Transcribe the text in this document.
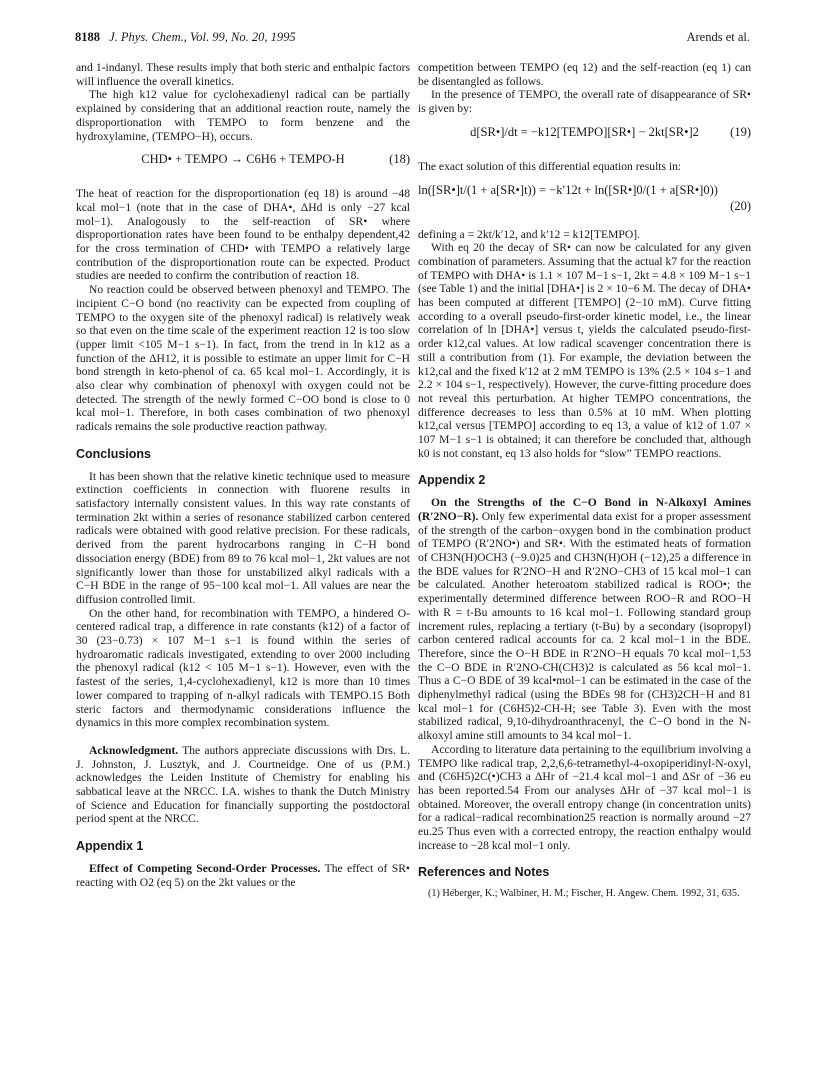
8188 J. Phys. Chem., Vol. 99, No. 20, 1995	Arends et al.

and 1-indanyl. These results imply that both steric and enthalpic factors will influence the overall kinetics.

The high k12 value for cyclohexadienyl radical can be partially explained by considering that an additional reaction route, namely the disproportionation with TEMPO to form benzene and the hydroxylamine, (TEMPO−H), occurs.

CHD• + TEMPO → C6H6 + TEMPO-H	(18)

The heat of reaction for the disproportionation (eq 18) is around −48 kcal mol−1 (note that in the case of DHA•, ΔHd is only −27 kcal mol−1). Analogously to the self-reaction of SR• where disproportionation rates have been found to be enthalpy dependent,42 for the cross termination of CHD• with TEMPO a relatively large contribution of the disproportionation route can be expected. Product studies are needed to confirm the contribution of reaction 18.

No reaction could be observed between phenoxyl and TEMPO. The incipient C−O bond (no reactivity can be expected from coupling of TEMPO to the oxygen site of the phenoxyl radical) is relatively weak so that even on the time scale of the experiment reaction 12 is too slow (upper limit <105 M−1 s−1). In fact, from the trend in ln k12 as a function of the ΔH12, it is possible to estimate an upper limit for C−H bond strength in keto-phenol of ca. 65 kcal mol−1. Accordingly, it is also clear why combination of phenoxyl with oxygen could not be detected. The strength of the newly formed C−OO bond is close to 0 kcal mol−1. Therefore, in both cases combination of two phenoxyl radicals remains the sole productive reaction pathway.

Conclusions

It has been shown that the relative kinetic technique used to measure extinction coefficients in connection with fluorene results in satisfactory internally consistent values. In this way rate constants of termination 2kt within a series of resonance stabilized carbon centered radicals were obtained with good relative precision. For these radicals, derived from the parent hydrocarbons ranging in C−H bond dissociation energy (BDE) from 89 to 76 kcal mol−1, 2kt values are not significantly lower than those for unstabilized alkyl radicals with a C−H BDE in the range of 95−100 kcal mol−1. All values are near the diffusion controlled limit.

On the other hand, for recombination with TEMPO, a hindered O-centered radical trap, a difference in rate constants (k12) of a factor of 30 (23−0.73) × 107 M−1 s−1 is found within the series of hydroaromatic radicals investigated, extending to over 2000 including the phenoxyl radical (k12 < 105 M−1 s−1). However, even with the fastest of the series, 1,4-cyclohexadienyl, k12 is more than 10 times lower compared to trapping of n-alkyl radicals with TEMPO.15 Both steric factors and thermodynamic considerations influence the dynamics in this more complex recombination system.

Acknowledgment. The authors appreciate discussions with Drs. L. J. Johnston, J. Lusztyk, and J. Courtneidge. One of us (P.M.) acknowledges the Leiden Institute of Chemistry for enabling his sabbatical leave at the NRCC. I.A. wishes to thank the Dutch Ministry of Science and Education for financially supporting the postdoctoral period spent at the NRCC.

Appendix 1

Effect of Competing Second-Order Processes. The effect of SR• reacting with O2 (eq 5) on the 2kt values or the

competition between TEMPO (eq 12) and the self-reaction (eq 1) can be disentangled as follows.

In the presence of TEMPO, the overall rate of disappearance of SR• is given by:

d[SR•]/dt = −k12[TEMPO][SR•] − 2kt[SR•]2	(19)

The exact solution of this differential equation results in:

ln([SR•]t/(1 + a[SR•]t)) = −k′12t + ln([SR•]0/(1 + a[SR•]0))
(20)

defining a = 2kt/k′12, and k′12 = k12[TEMPO].

With eq 20 the decay of SR• can now be calculated for any given combination of parameters. Assuming that the actual k7 for the reaction of TEMPO with DHA• is 1.1 × 107 M−1 s−1, 2kt = 4.8 × 109 M−1 s−1 (see Table 1) and the initial [DHA•] is 2 × 10−6 M. The decay of DHA• has been computed at different [TEMPO] (2−10 mM). Curve fitting according to a overall pseudo-first-order kinetic model, i.e., the linear correlation of ln [DHA•] versus t, yields the calculated pseudo-first-order k12,cal values. At low radical scavenger concentration there is still a contribution from (1). For example, the deviation between the k12,cal and the fixed k′12 at 2 mM TEMPO is 13% (2.5 × 104 s−1 and 2.2 × 104 s−1, respectively). However, the curve-fitting procedure does not reveal this perturbation. At higher TEMPO concentrations, the difference decreases to less than 0.5% at 10 mM. When plotting k12,cal versus [TEMPO] according to eq 13, a value of k12 of 1.07 × 107 M−1 s−1 is obtained; it can therefore be concluded that, although k0 is not constant, eq 13 also holds for “slow” TEMPO reactions.

Appendix 2

On the Strengths of the C−O Bond in N-Alkoxyl Amines (R′2NO−R). Only few experimental data exist for a proper assessment of the strength of the carbon−oxygen bond in the combination product of TEMPO (R′2NO•) and SR•. With the estimated heats of formation of CH3N(H)OCH3 (−9.0)25 and CH3N(H)OH (−12),25 a difference in the BDE values for R′2NO−H and R′2NO−CH3 of 15 kcal mol−1 can be calculated. Another heteroatom stabilized radical is ROO•; the experimentally determined difference between ROO−R and ROO−H with R = t-Bu amounts to 16 kcal mol−1. Following standard group increment rules, replacing a tertiary (t-Bu) by a secondary (isopropyl) carbon centered radical accounts for ca. 2 kcal mol−1 in the BDE. Therefore, since the O−H BDE in R′2NO−H equals 70 kcal mol−1,53 the C−O BDE in R′2NO-CH(CH3)2 is calculated as 56 kcal mol−1. Thus a C−O BDE of 39 kcal•mol−1 can be estimated in the case of the diphenylmethyl radical (using the BDEs 98 for (CH3)2CH−H and 81 kcal mol−1 for (C6H5)2-CH-H; see Table 3). Even with the most stabilized radical, 9,10-dihydroanthracenyl, the C−O bond in the N-alkoxyl amine still amounts to 34 kcal mol−1.

According to literature data pertaining to the equilibrium involving a TEMPO like radical trap, 2,2,6,6-tetramethyl-4-oxopiperidinyl-N-oxyl, and (C6H5)2C(•)CH3 a ΔHr of −21.4 kcal mol−1 and ΔSr of −36 eu has been reported.54 From our analyses ΔHr of −37 kcal mol−1 is obtained. Moreover, the overall entropy change (in concentration units) for a radical−radical recombination25 reaction is normally around −27 eu.25 Thus even with a corrected entropy, the reaction enthalpy would increase to −28 kcal mol−1 only.

References and Notes

(1) Héberger, K.; Walbiner, H. M.; Fischer, H. Angew. Chem. 1992, 31, 635.
